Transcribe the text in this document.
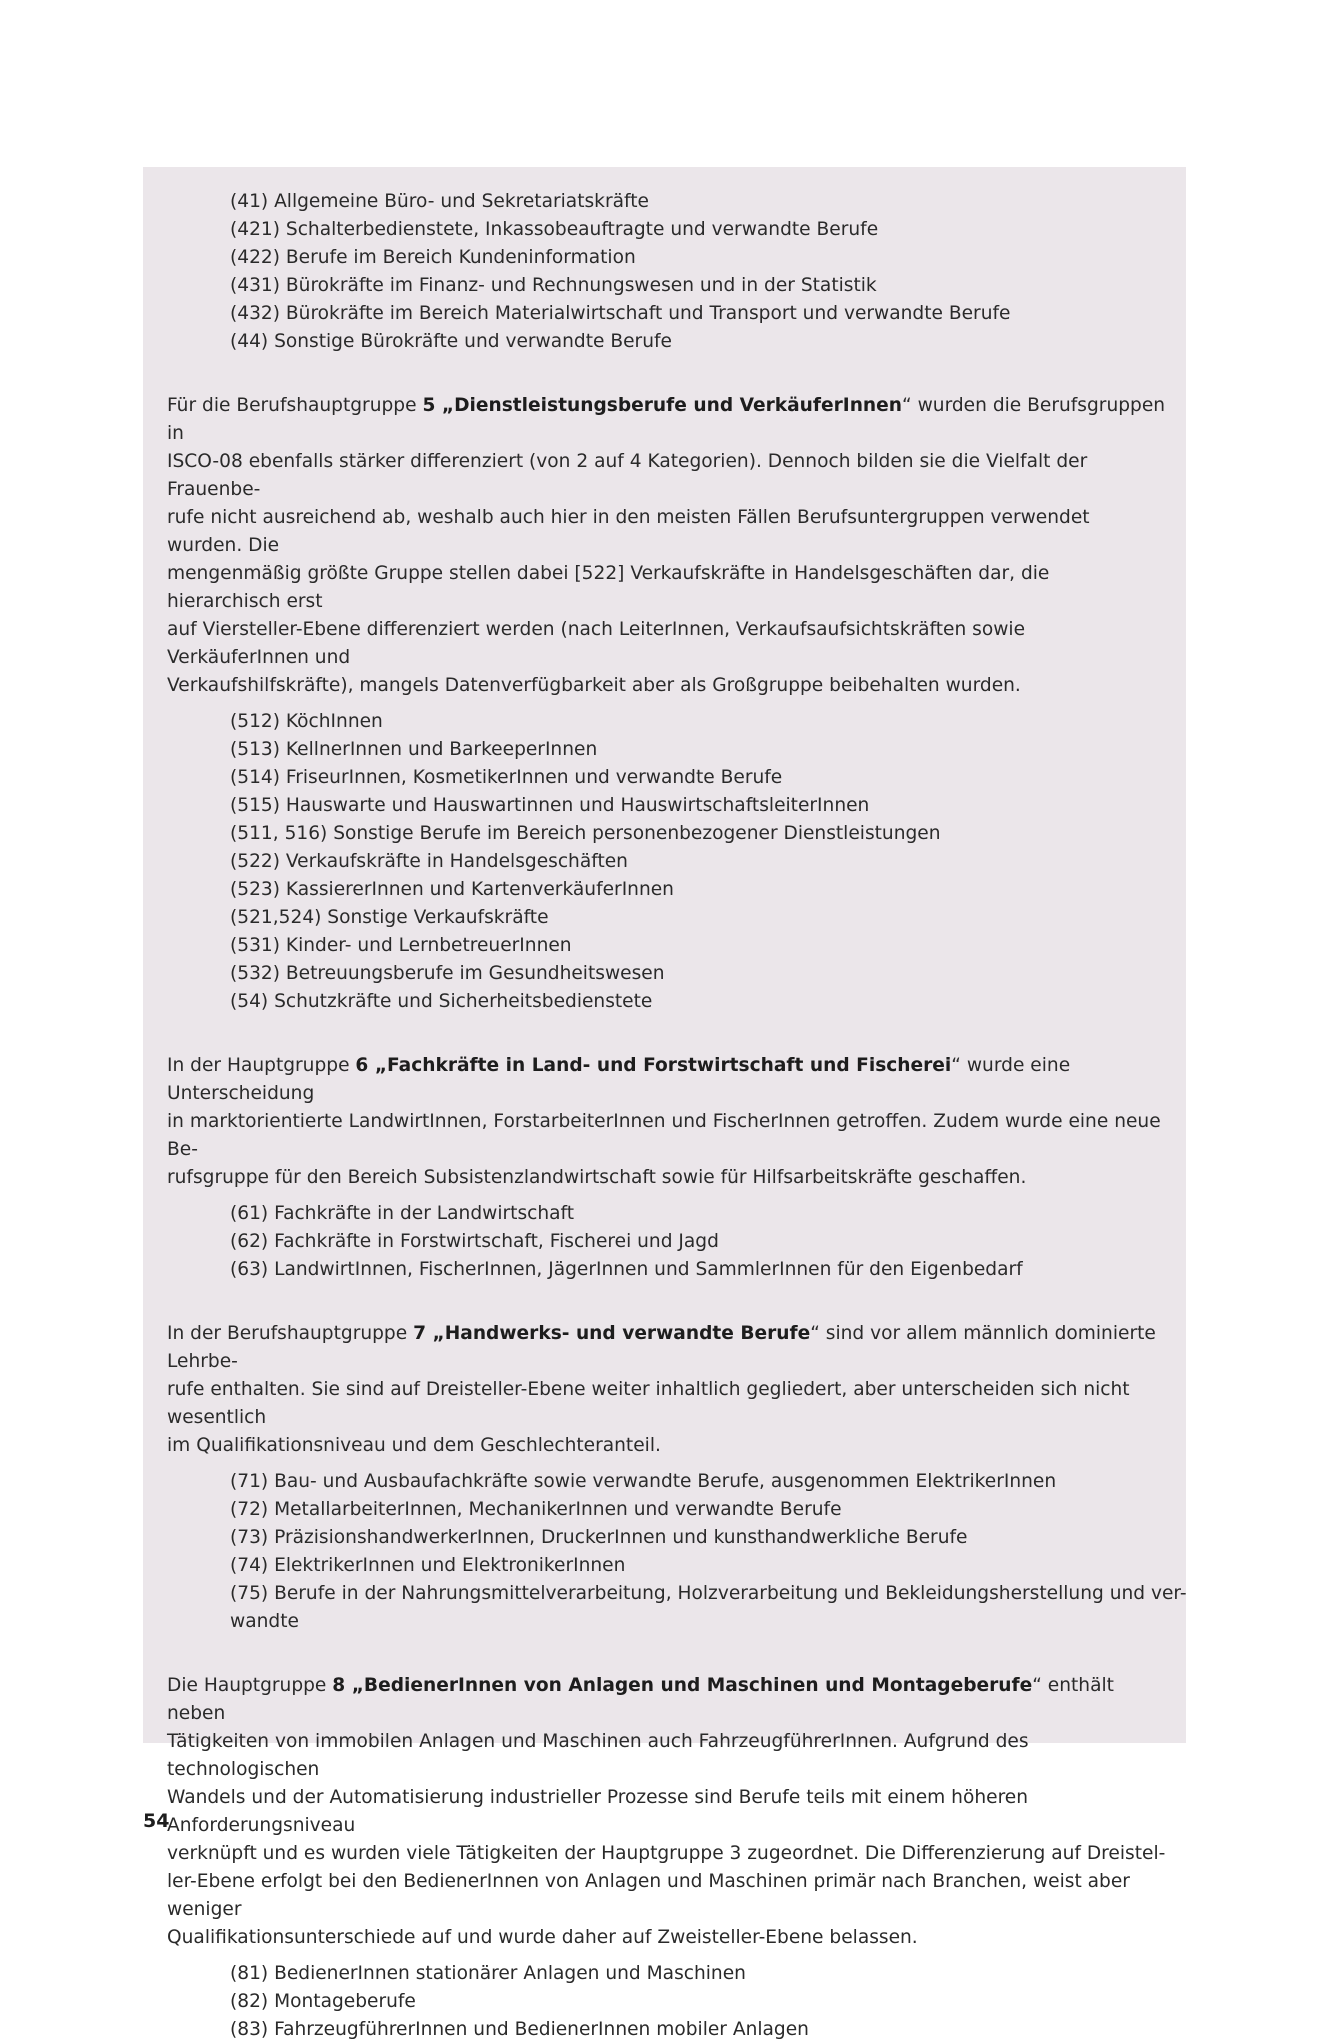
(41) Allgemeine Büro- und Sekretariatskräfte
(421) Schalterbedienstete, Inkassobeauftragte und verwandte Berufe
(422) Berufe im Bereich Kundeninformation
(431) Bürokräfte im Finanz- und Rechnungswesen und in der Statistik
(432) Bürokräfte im Bereich Materialwirtschaft und Transport und verwandte Berufe
(44) Sonstige Bürokräfte und verwandte Berufe
Für die Berufshauptgruppe 5 „Dienstleistungsberufe und VerkäuferInnen“ wurden die Berufsgruppen in
ISCO-08 ebenfalls stärker differenziert (von 2 auf 4 Kategorien). Dennoch bilden sie die Vielfalt der Frauenbe-
rufe nicht ausreichend ab, weshalb auch hier in den meisten Fällen Berufsuntergruppen verwendet wurden. Die
mengenmäßig größte Gruppe stellen dabei [522] Verkaufskräfte in Handelsgeschäften dar, die hierarchisch erst
auf Viersteller-Ebene differenziert werden (nach LeiterInnen, Verkaufsaufsichtskräften sowie VerkäuferInnen und
Verkaufshilfskräfte), mangels Datenverfügbarkeit aber als Großgruppe beibehalten wurden.
(512) KöchInnen
(513) KellnerInnen und BarkeeperInnen
(514) FriseurInnen, KosmetikerInnen und verwandte Berufe
(515) Hauswarte und Hauswartinnen und HauswirtschaftsleiterInnen
(511, 516) Sonstige Berufe im Bereich personenbezogener Dienstleistungen
(522) Verkaufskräfte in Handelsgeschäften
(523) KassiererInnen und KartenverkäuferInnen
(521,524) Sonstige Verkaufskräfte
(531) Kinder- und LernbetreuerInnen
(532) Betreuungsberufe im Gesundheitswesen
(54) Schutzkräfte und Sicherheitsbedienstete
In der Hauptgruppe 6 „Fachkräfte in Land- und Forstwirtschaft und Fischerei“ wurde eine Unterscheidung
in marktorientierte LandwirtInnen, ForstarbeiterInnen und FischerInnen getroffen. Zudem wurde eine neue Be-
rufsgruppe für den Bereich Subsistenzlandwirtschaft sowie für Hilfsarbeitskräfte geschaffen.
(61) Fachkräfte in der Landwirtschaft
(62) Fachkräfte in Forstwirtschaft, Fischerei und Jagd
(63) LandwirtInnen, FischerInnen, JägerInnen und SammlerInnen für den Eigenbedarf
In der Berufshauptgruppe 7 „Handwerks- und verwandte Berufe“ sind vor allem männlich dominierte Lehrbe-
rufe enthalten. Sie sind auf Dreisteller-Ebene weiter inhaltlich gegliedert, aber unterscheiden sich nicht wesentlich
im Qualifikationsniveau und dem Geschlechteranteil.
(71) Bau- und Ausbaufachkräfte sowie verwandte Berufe, ausgenommen ElektrikerInnen
(72) MetallarbeiterInnen, MechanikerInnen und verwandte Berufe
(73) PräzisionshandwerkerInnen, DruckerInnen und kunsthandwerkliche Berufe
(74) ElektrikerInnen und ElektronikerInnen
(75) Berufe in der Nahrungsmittelverarbeitung, Holzverarbeitung und Bekleidungsherstellung und ver-
wandte
Die Hauptgruppe 8 „BedienerInnen von Anlagen und Maschinen und Montageberufe“ enthält neben
Tätigkeiten von immobilen Anlagen und Maschinen auch FahrzeugführerInnen. Aufgrund des technologischen
Wandels und der Automatisierung industrieller Prozesse sind Berufe teils mit einem höheren Anforderungsniveau
verknüpft und es wurden viele Tätigkeiten der Hauptgruppe 3 zugeordnet. Die Differenzierung auf Dreistel-
ler-Ebene erfolgt bei den BedienerInnen von Anlagen und Maschinen primär nach Branchen, weist aber weniger
Qualifikationsunterschiede auf und wurde daher auf Zweisteller-Ebene belassen.
(81) BedienerInnen stationärer Anlagen und Maschinen
(82) Montageberufe
(83) FahrzeugführerInnen und BedienerInnen mobiler Anlagen
54
